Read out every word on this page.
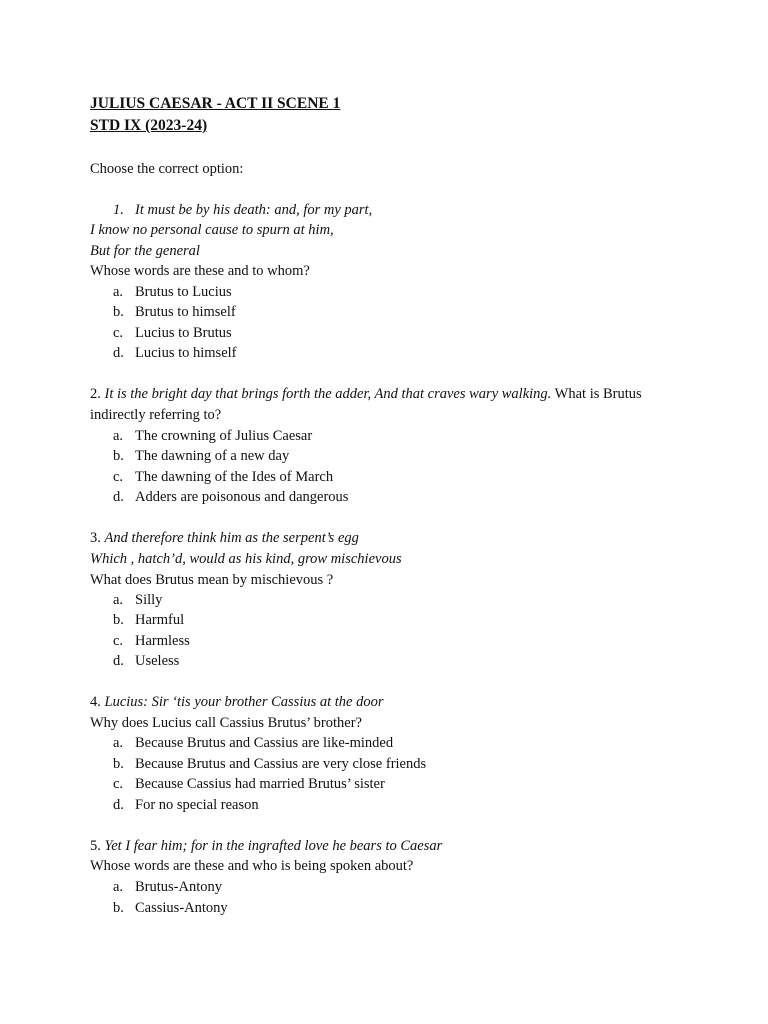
JULIUS CAESAR - ACT II SCENE 1
STD IX (2023-24)
Choose the correct option:
1. It must be by his death: and, for my part,
I know no personal cause to spurn at him,
But for the general
Whose words are these and to whom?
a. Brutus to Lucius
b. Brutus to himself
c. Lucius to Brutus
d. Lucius to himself
2. It is the bright day that brings forth the adder, And that craves wary walking. What is Brutus
indirectly referring to?
a. The crowning of Julius Caesar
b. The dawning of a new day
c. The dawning of the Ides of March
d. Adders are poisonous and dangerous
3. And therefore think him as the serpent’s egg
Which , hatch’d, would as his kind, grow mischievous
What does Brutus mean by mischievous ?
a. Silly
b. Harmful
c. Harmless
d. Useless
4. Lucius: Sir ‘tis your brother Cassius at the door
Why does Lucius call Cassius Brutus’ brother?
a. Because Brutus and Cassius are like-minded
b. Because Brutus and Cassius are very close friends
c. Because Cassius had married Brutus’ sister
d. For no special reason
5. Yet I fear him; for in the ingrafted love he bears to Caesar
Whose words are these and who is being spoken about?
a. Brutus-Antony
b. Cassius-Antony
